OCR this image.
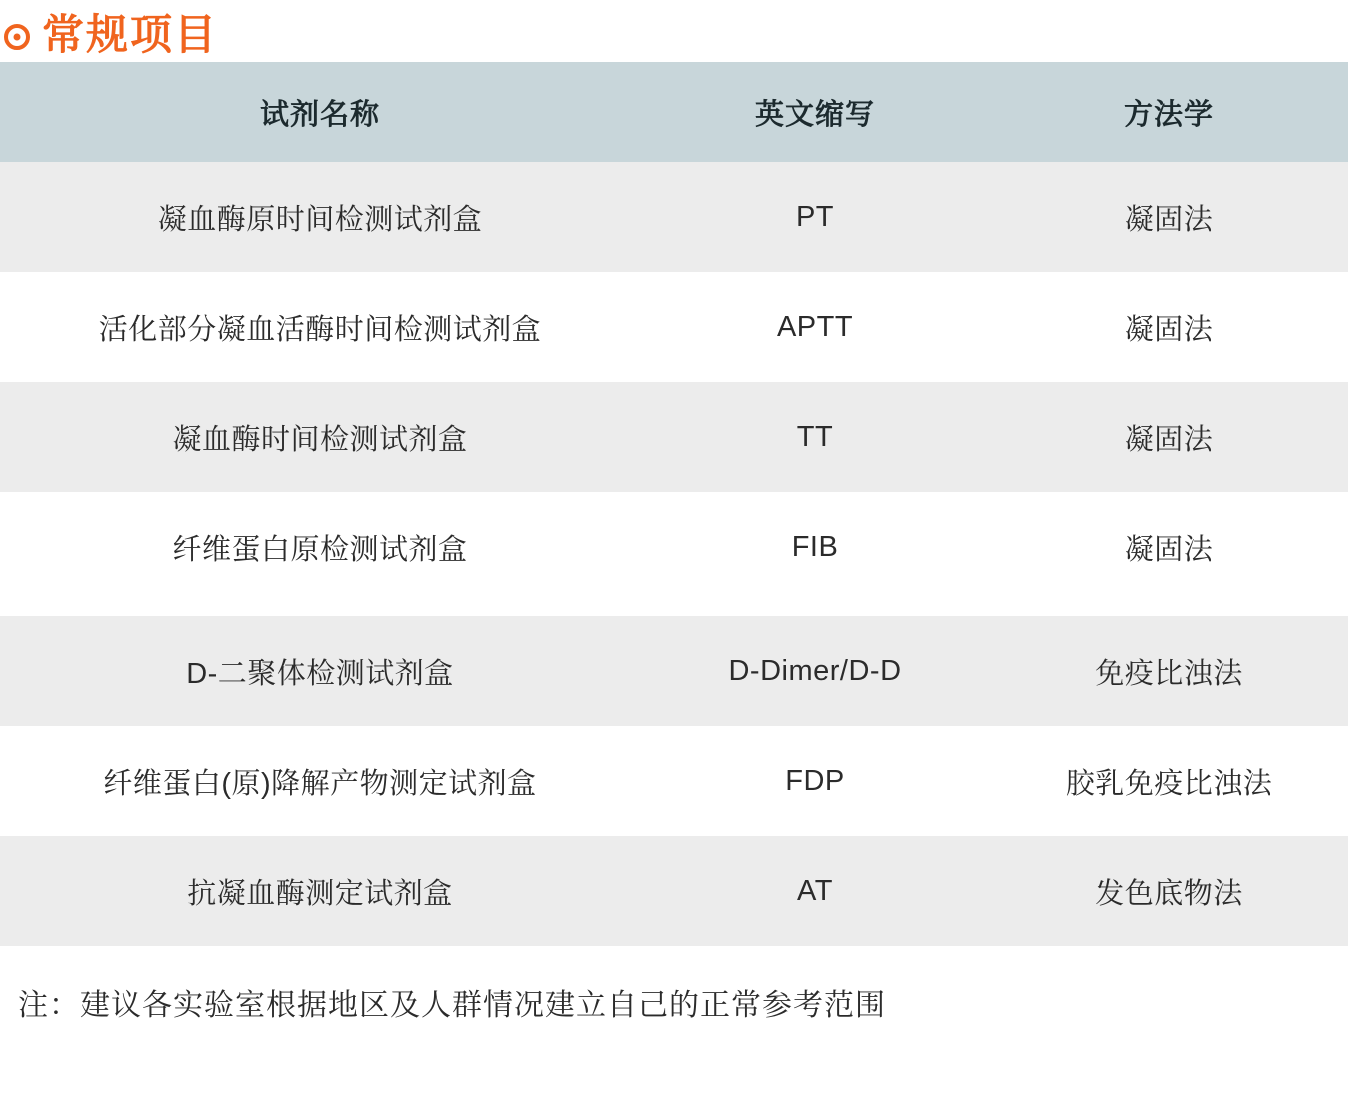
常规项目
试剂名称	英文缩写	方法学
凝血酶原时间检测试剂盒	PT	凝固法
活化部分凝血活酶时间检测试剂盒	APTT	凝固法
凝血酶时间检测试剂盒	TT	凝固法
纤维蛋白原检测试剂盒	FIB	凝固法

D-二聚体检测试剂盒	D-Dimer/D-D	免疫比浊法
纤维蛋白(原)降解产物测定试剂盒	FDP	胶乳免疫比浊法
抗凝血酶测定试剂盒	AT	发色底物法
注：建议各实验室根据地区及人群情况建立自己的正常参考范围
